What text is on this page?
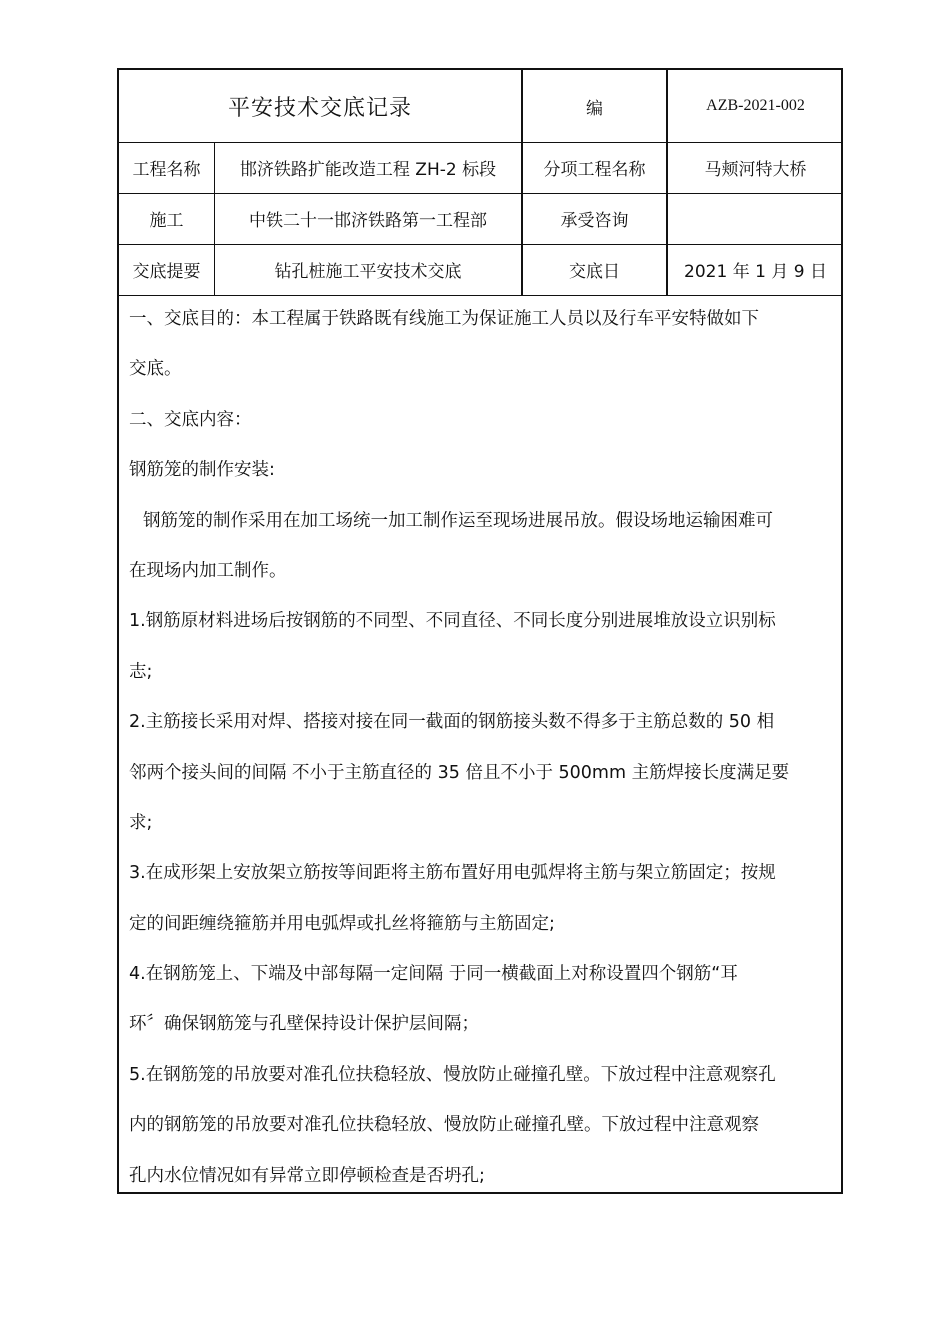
平安技术交底记录	编	AZB-2021-002
工程名称	邯济铁路扩能改造工程 ZH-2 标段	分项工程名称	马颊河特大桥
施工	中铁二十一邯济铁路第一工程部	承受咨询
交底提要	钻孔桩施工平安技术交底	交底日	2021 年 1 月 9 日
一、交底目的：本工程属于铁路既有线施工为保证施工人员以及行车平安特做如下
交底。
二、交底内容：
钢筋笼的制作安装:
钢筋笼的制作采用在加工场统一加工制作运至现场进展吊放。假设场地运输困难可
在现场内加工制作。
1.钢筋原材料进场后按钢筋的不同型、不同直径、不同长度分别进展堆放设立识别标
志;
2.主筋接长采用对焊、搭接对接在同一截面的钢筋接头数不得多于主筋总数的 50 相
邻两个接头间的间隔 不小于主筋直径的 35 倍且不小于 500mm 主筋焊接长度满足要
求;
3.在成形架上安放架立筋按等间距将主筋布置好用电弧焊将主筋与架立筋固定；按规
定的间距缠绕箍筋并用电弧焊或扎丝将箍筋与主筋固定;
4.在钢筋笼上、下端及中部每隔一定间隔 于同一横截面上对称设置四个钢筋“耳
环〞确保钢筋笼与孔壁保持设计保护层间隔；
5.在钢筋笼的吊放要对准孔位扶稳轻放、慢放防止碰撞孔壁。下放过程中注意观察孔
内的钢筋笼的吊放要对准孔位扶稳轻放、慢放防止碰撞孔壁。下放过程中注意观察
孔内水位情况如有异常立即停顿检查是否坍孔;
